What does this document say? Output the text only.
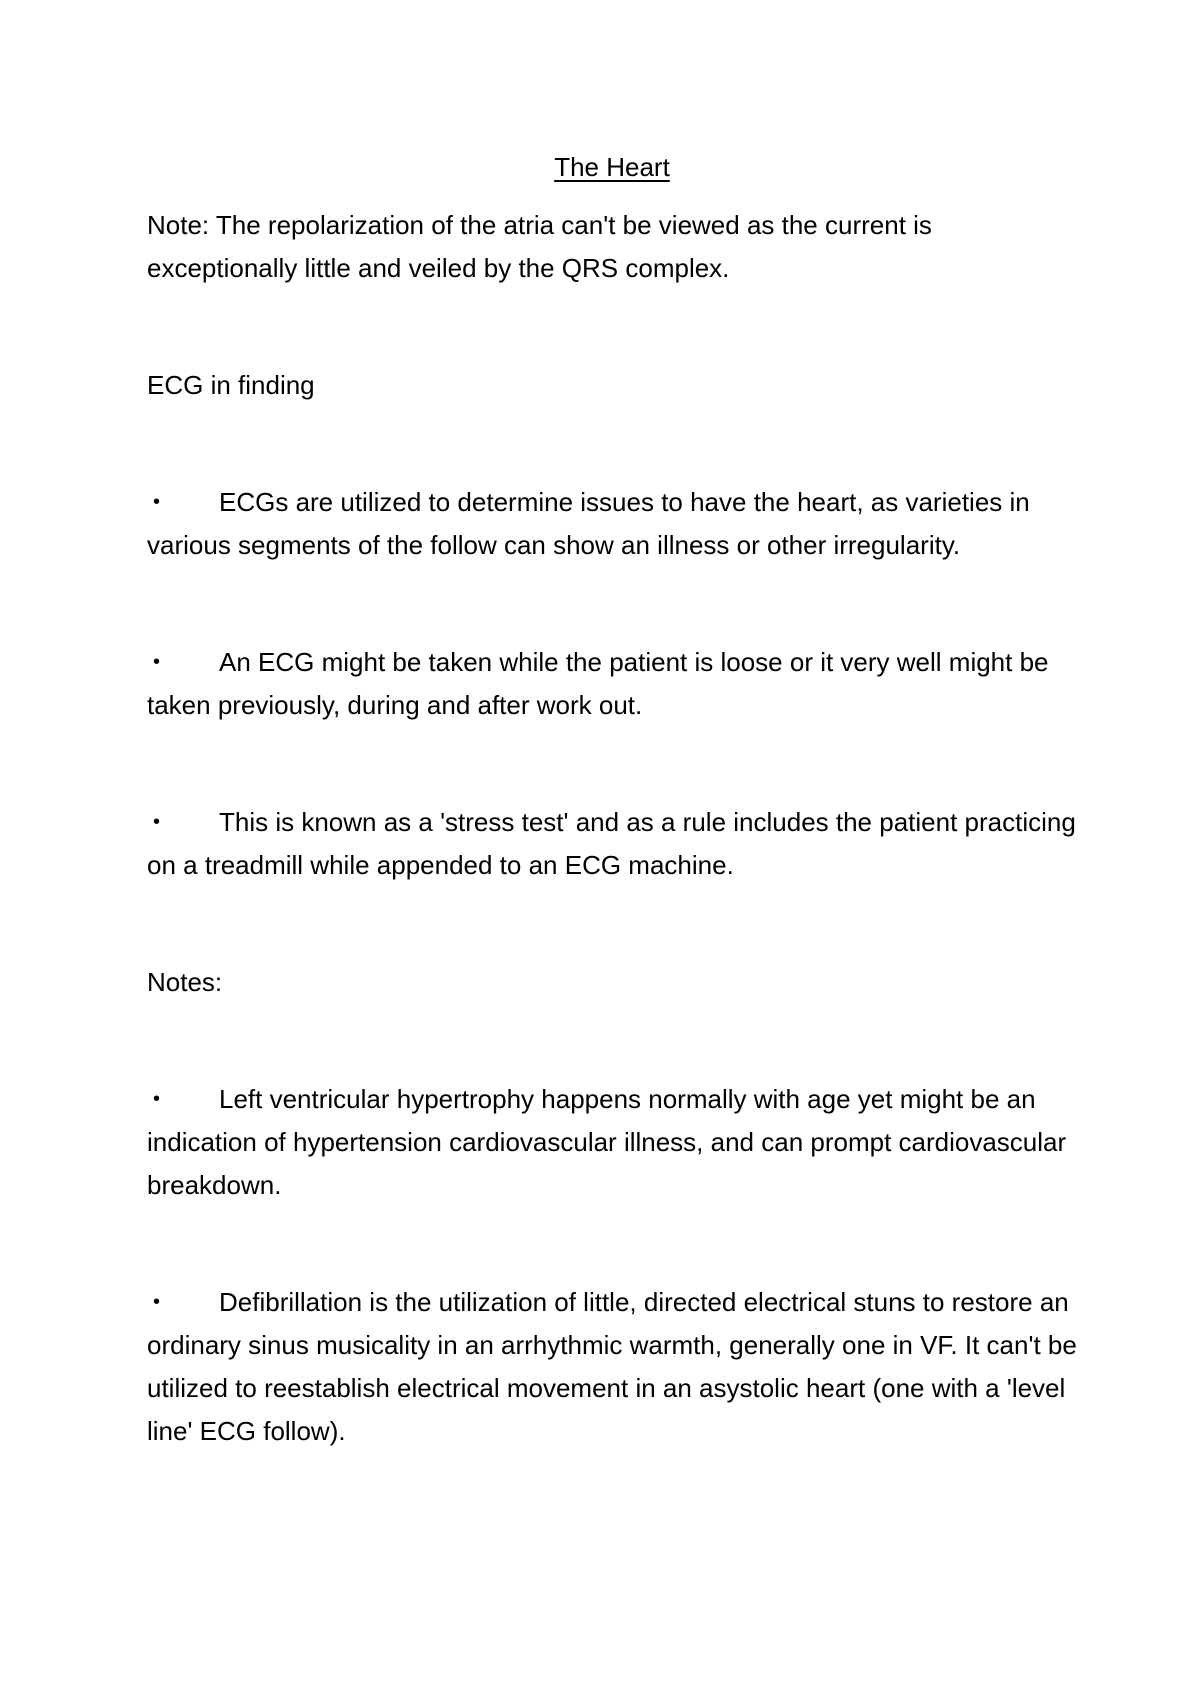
The Heart

Note: The repolarization of the atria can't be viewed as the current is exceptionally little and veiled by the QRS complex.

ECG in finding

• ECGs are utilized to determine issues to have the heart, as varieties in various segments of the follow can show an illness or other irregularity.

• An ECG might be taken while the patient is loose or it very well might be taken previously, during and after work out.

• This is known as a 'stress test' and as a rule includes the patient practicing on a treadmill while appended to an ECG machine.

Notes:

• Left ventricular hypertrophy happens normally with age yet might be an indication of hypertension cardiovascular illness, and can prompt cardiovascular breakdown.

• Defibrillation is the utilization of little, directed electrical stuns to restore an ordinary sinus musicality in an arrhythmic warmth, generally one in VF. It can't be utilized to reestablish electrical movement in an asystolic heart (one with a 'level line' ECG follow).
